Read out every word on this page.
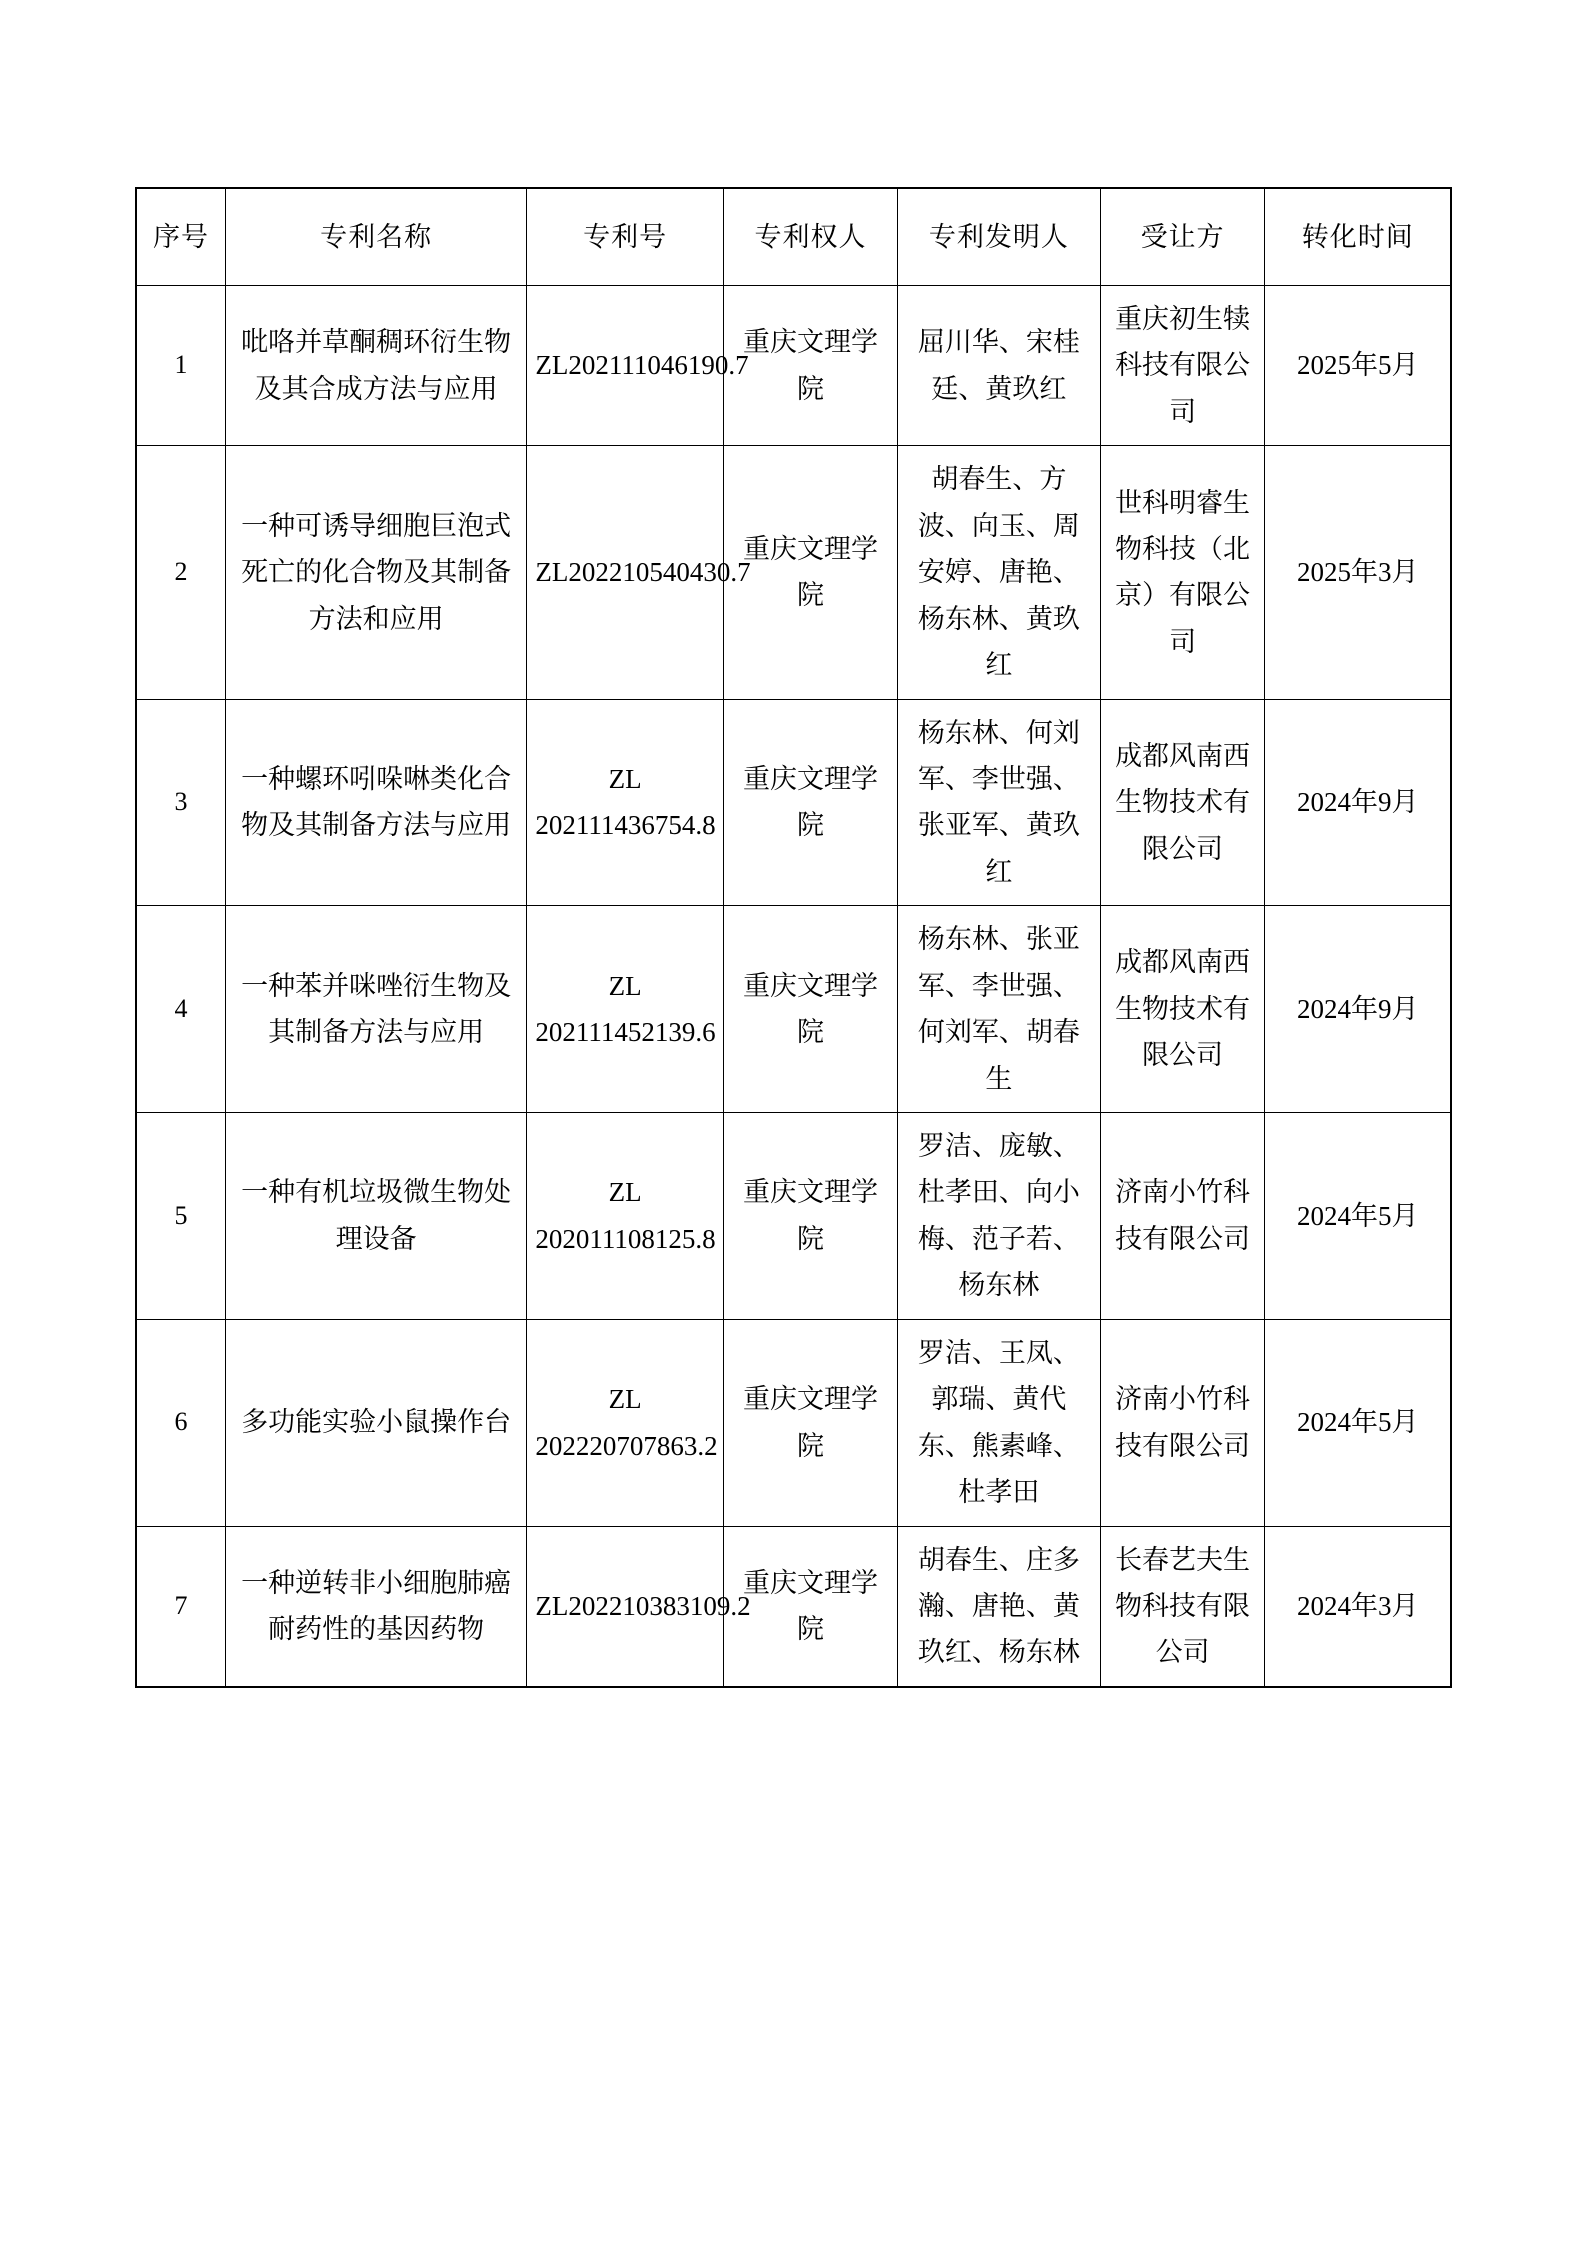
序号	专利名称	专利号	专利权人	专利发明人	受让方	转化时间
1	吡咯并草酮稠环衍生物及其合成方法与应用	ZL202111046190.7	重庆文理学院	屈川华、宋桂廷、黄玖红	重庆初生犊科技有限公司	2025年5月
2	一种可诱导细胞巨泡式死亡的化合物及其制备方法和应用	ZL202210540430.7	重庆文理学院	胡春生、方波、向玉、周安婷、唐艳、杨东林、黄玖红	世科明睿生物科技（北京）有限公司	2025年3月
3	一种螺环吲哚啉类化合物及其制备方法与应用	ZL 202111436754.8	重庆文理学院	杨东林、何刘军、李世强、张亚军、黄玖红	成都风南西生物技术有限公司	2024年9月
4	一种苯并咪唑衍生物及其制备方法与应用	ZL 202111452139.6	重庆文理学院	杨东林、张亚军、李世强、何刘军、胡春生	成都风南西生物技术有限公司	2024年9月
5	一种有机垃圾微生物处理设备	ZL 202011108125.8	重庆文理学院	罗洁、庞敏、杜孝田、向小梅、范子若、杨东林	济南小竹科技有限公司	2024年5月
6	多功能实验小鼠操作台	ZL 202220707863.2	重庆文理学院	罗洁、王凤、郭瑞、黄代东、熊素峰、杜孝田	济南小竹科技有限公司	2024年5月
7	一种逆转非小细胞肺癌耐药性的基因药物	ZL202210383109.2	重庆文理学院	胡春生、庄多瀚、唐艳、黄玖红、杨东林	长春艺夫生物科技有限公司	2024年3月
